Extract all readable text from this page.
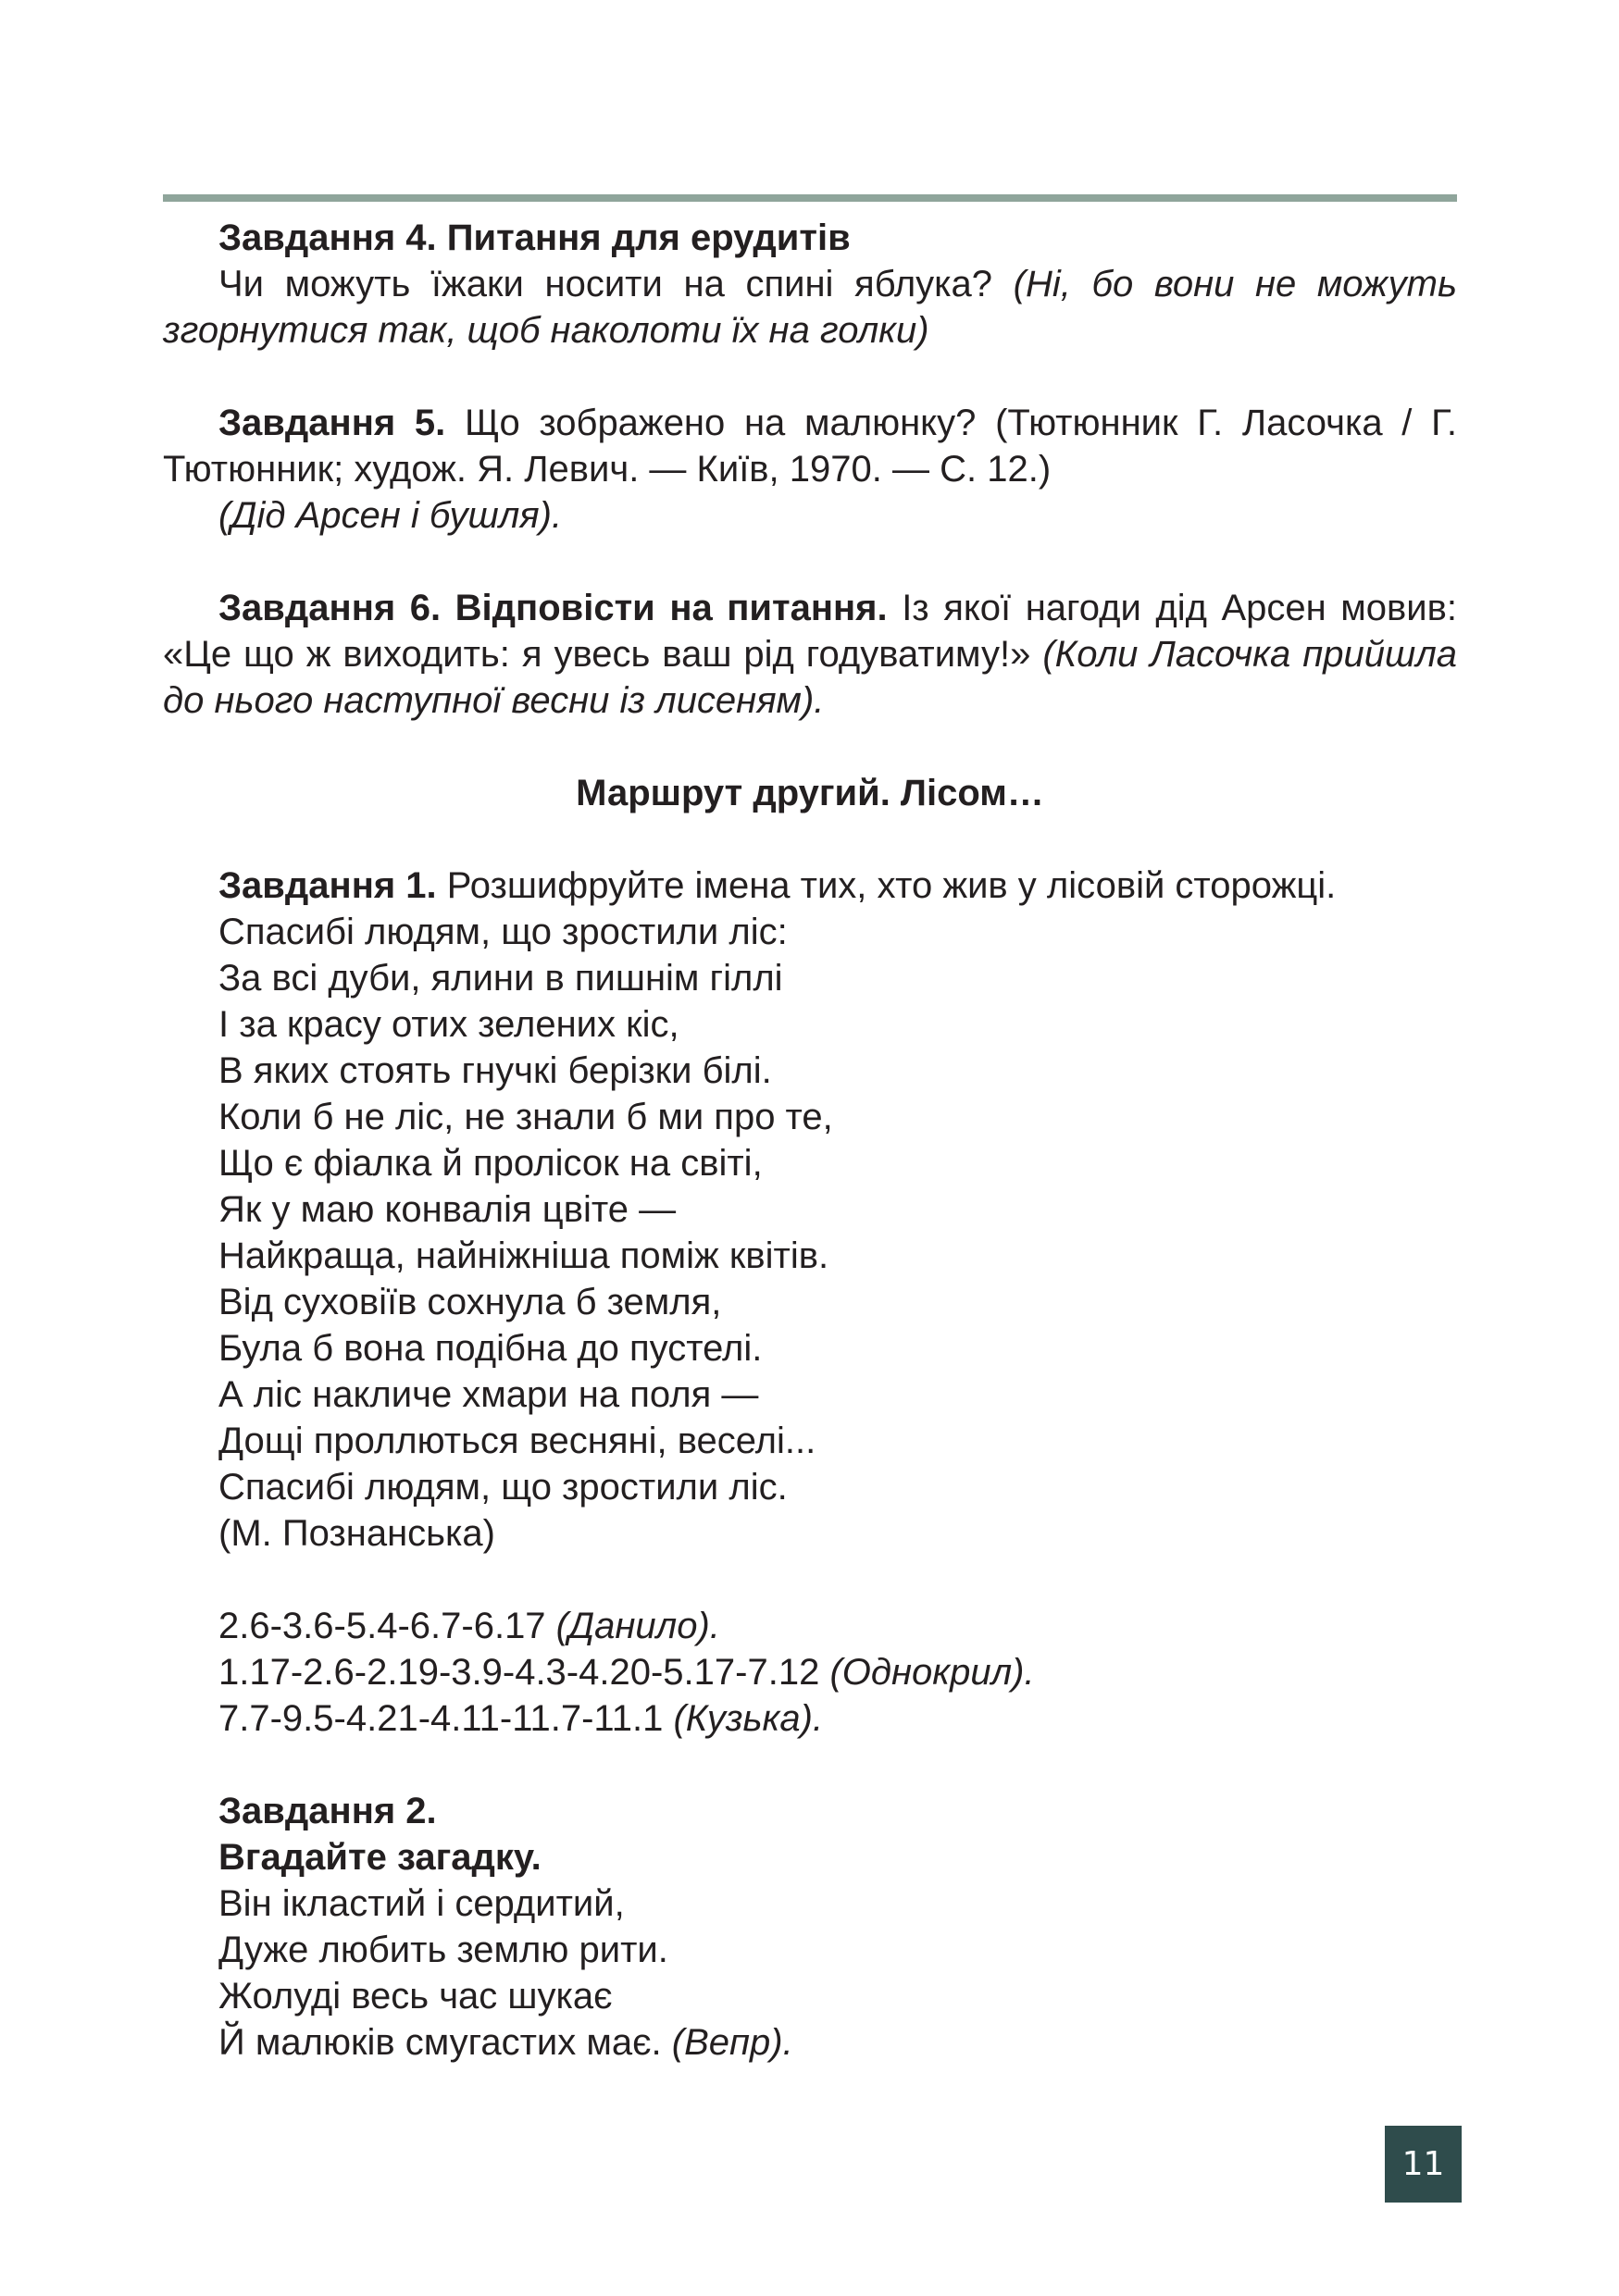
Завдання 4. Питання для ерудитів

Чи можуть їжаки носити на спині яблука? (Ні, бо вони не можуть згорнутися так, щоб наколоти їх на голки)

Завдання 5. Що зображено на малюнку? (Тютюнник Г. Ласочка / Г. Тютюнник; худож. Я. Левич. — Київ, 1970. — С. 12.)

(Дід Арсен і бушля).

Завдання 6. Відповісти на питання. Із якої нагоди дід Арсен мовив: «Це що ж виходить: я увесь ваш рід годуватиму!» (Коли Ласочка прийшла до нього наступної весни із лисеням).

Маршрут другий. Лісом…

Завдання 1. Розшифруйте імена тих, хто жив у лісовій сторожці.

Спасибі людям, що зростили ліс:

За всі дуби, ялини в пишнім гіллі

І за красу отих зелених кіс,

В яких стоять гнучкі берізки білі.

Коли б не ліс, не знали б ми про те,

Що є фіалка й пролісок на світі,

Як у маю конвалія цвіте —

Найкраща, найніжніша поміж квітів.

Від суховіїв сохнула б земля,

Була б вона подібна до пустелі.

А ліс накличе хмари на поля —

Дощі проллються весняні, веселі...

Спасибі людям, що зростили ліс.

(М. Познанська)

2.6-3.6-5.4-6.7-6.17 (Данило).

1.17-2.6-2.19-3.9-4.3-4.20-5.17-7.12 (Однокрил).

7.7-9.5-4.21-4.11-11.7-11.1 (Кузька).

Завдання 2.

Вгадайте загадку.

Він ікластий і сердитий,

Дуже любить землю рити.

Жолуді весь час шукає

Й малюків смугастих має. (Вепр).

11
